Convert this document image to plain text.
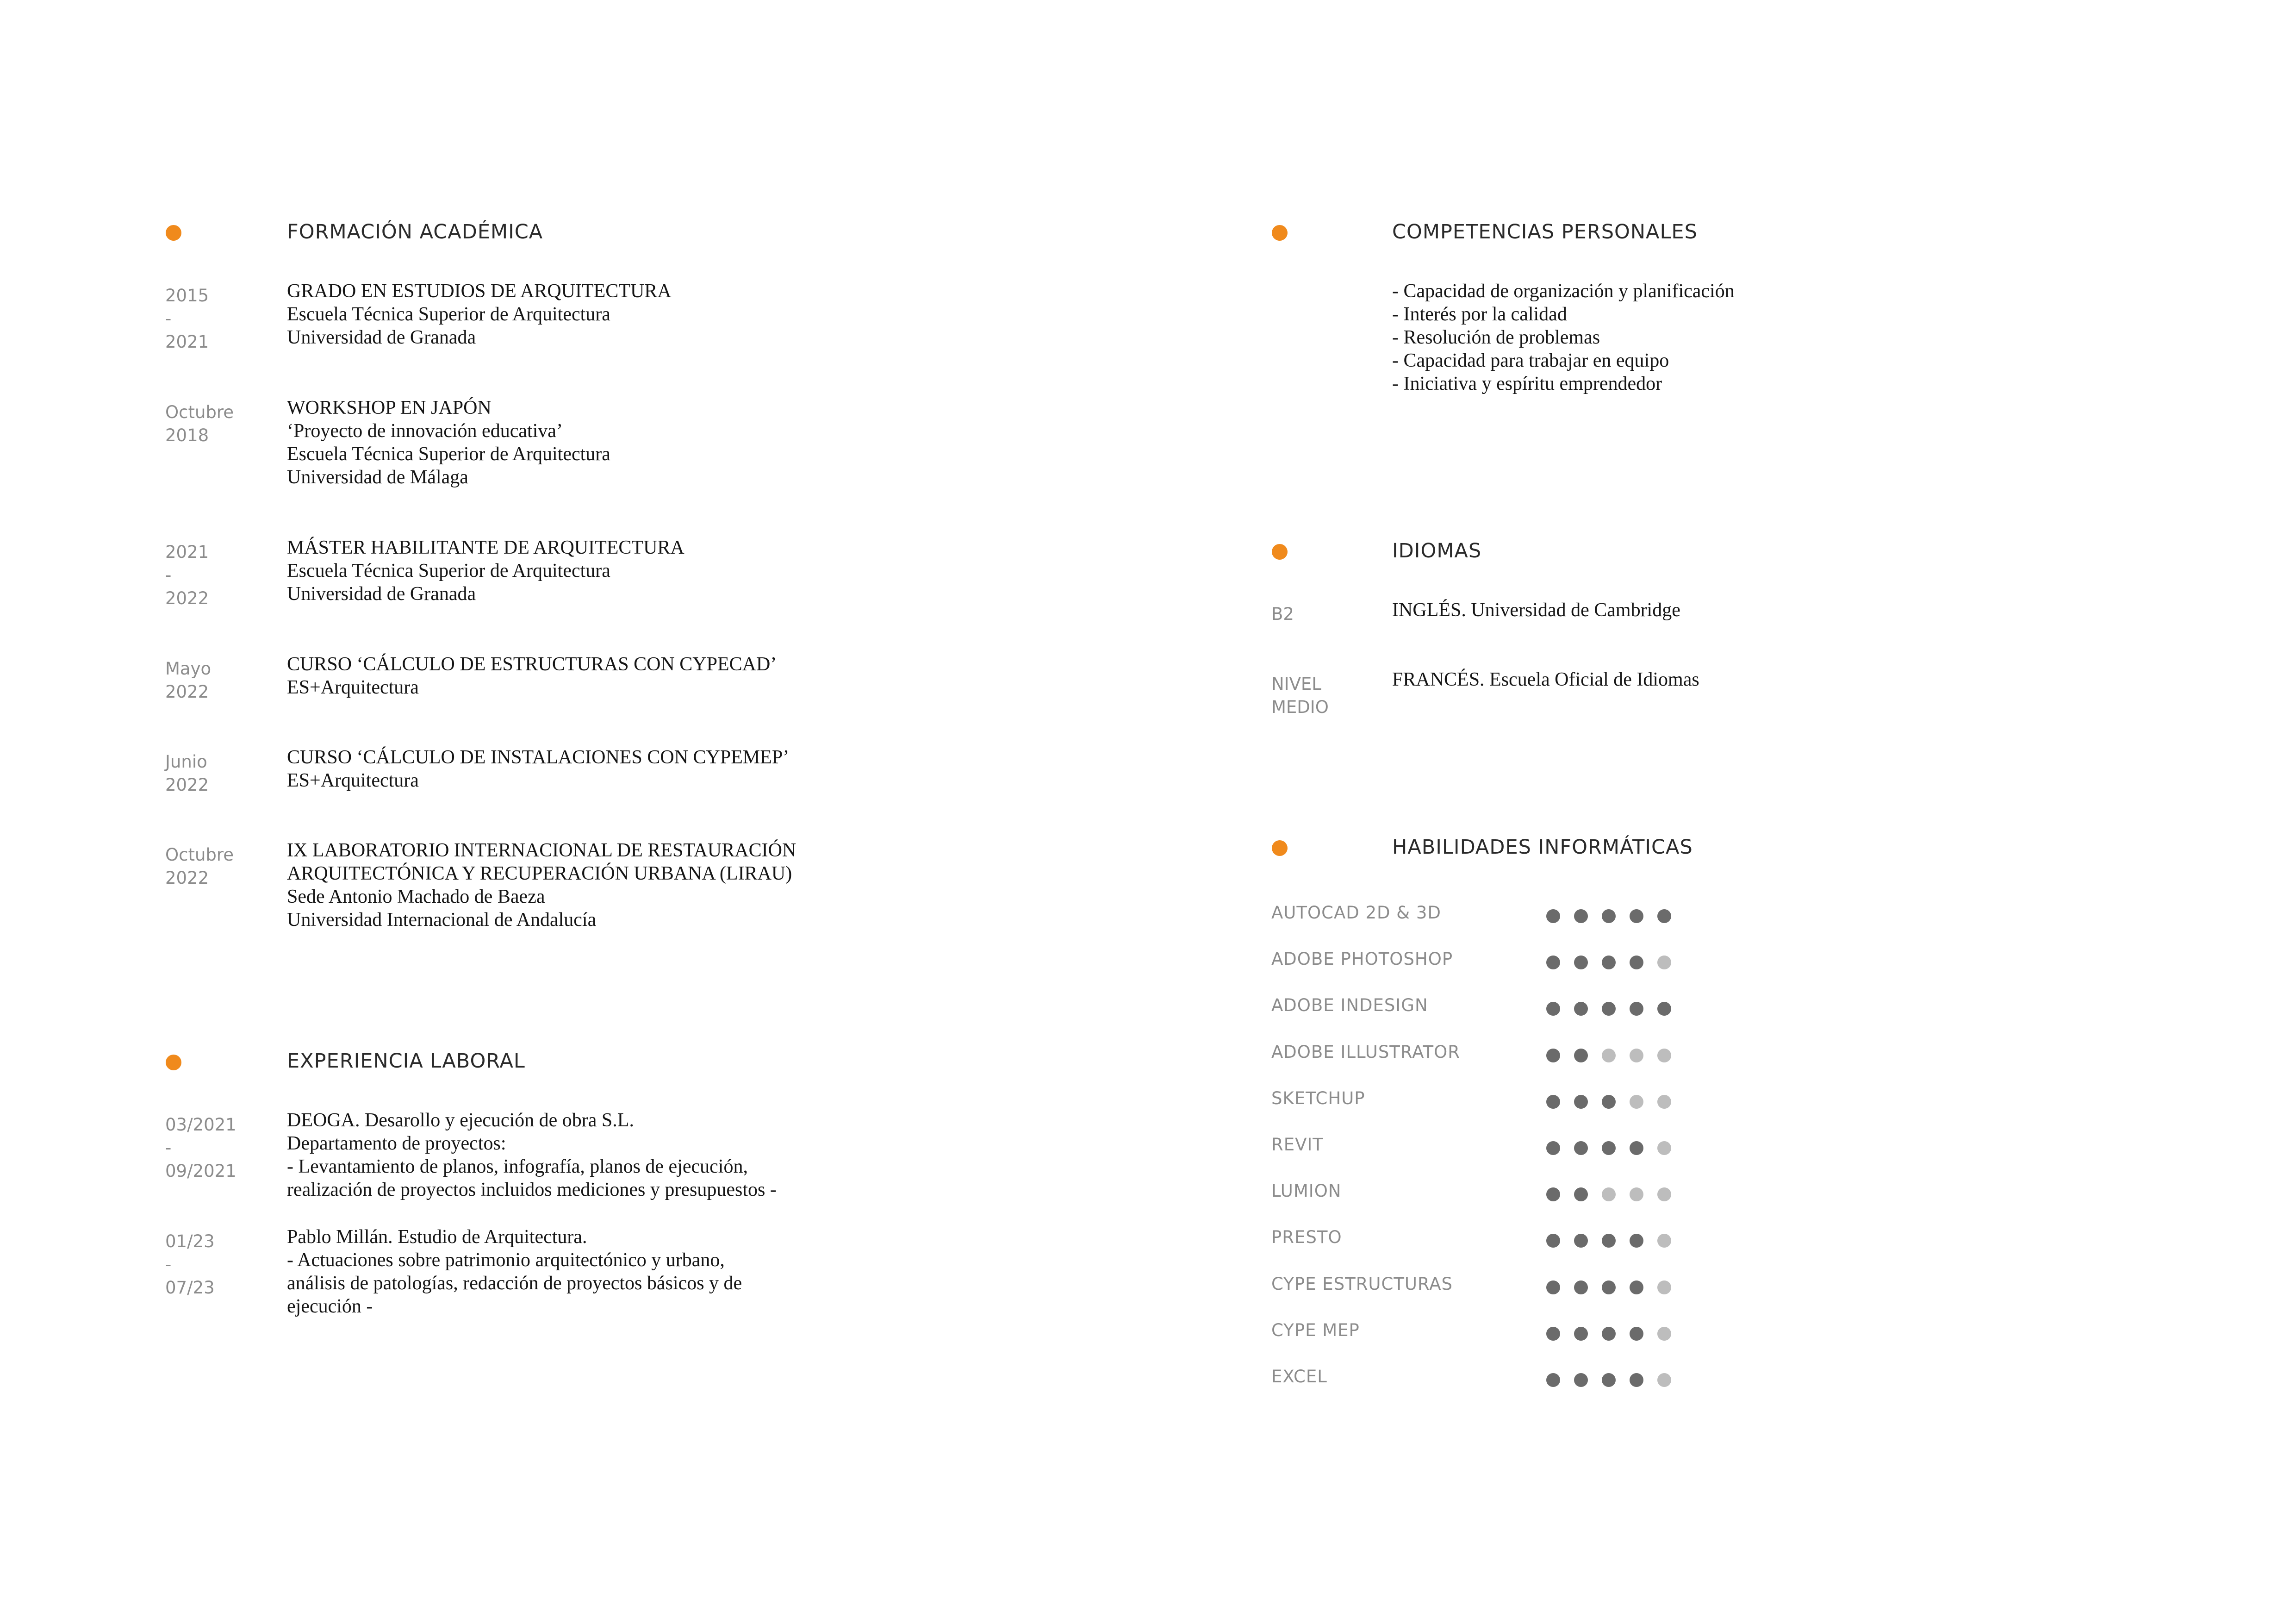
FORMACIÓN ACADÉMICA
2015
-
2021
GRADO EN ESTUDIOS DE ARQUITECTURA
Escuela Técnica Superior de Arquitectura
Universidad de Granada
Octubre
2018
WORKSHOP EN JAPÓN
‘Proyecto de innovación educativa’
Escuela Técnica Superior de Arquitectura
Universidad de Málaga
2021
-
2022
MÁSTER HABILITANTE DE ARQUITECTURA
Escuela Técnica Superior de Arquitectura
Universidad de Granada
Mayo
2022
CURSO ‘CÁLCULO DE ESTRUCTURAS CON CYPECAD’
ES+Arquitectura
Junio
2022
CURSO ‘CÁLCULO DE INSTALACIONES CON CYPEMEP’
ES+Arquitectura
Octubre
2022
IX LABORATORIO INTERNACIONAL DE RESTAURACIÓN
ARQUITECTÓNICA Y RECUPERACIÓN URBANA (LIRAU)
Sede Antonio Machado de Baeza
Universidad Internacional de Andalucía
EXPERIENCIA LABORAL
03/2021
-
09/2021
DEOGA. Desarollo y ejecución de obra S.L.
Departamento de proyectos:
- Levantamiento de planos, infografía, planos de ejecución,
realización de proyectos incluidos mediciones y presupuestos -
01/23
-
07/23
Pablo Millán. Estudio de Arquitectura.
- Actuaciones sobre patrimonio arquitectónico y urbano,
análisis de patologías, redacción de proyectos básicos y de
ejecución -
COMPETENCIAS PERSONALES
- Capacidad de organización y planificación
- Interés por la calidad
- Resolución de problemas
- Capacidad para trabajar en equipo
- Iniciativa y espíritu emprendedor
IDIOMAS
B2	INGLÉS. Universidad de Cambridge
NIVEL
MEDIO
FRANCÉS. Escuela Oficial de Idiomas
HABILIDADES INFORMÁTICAS
AUTOCAD 2D & 3D
ADOBE PHOTOSHOP
ADOBE INDESIGN
ADOBE ILLUSTRATOR
SKETCHUP
REVIT
LUMION
PRESTO
CYPE ESTRUCTURAS
CYPE MEP
EXCEL
